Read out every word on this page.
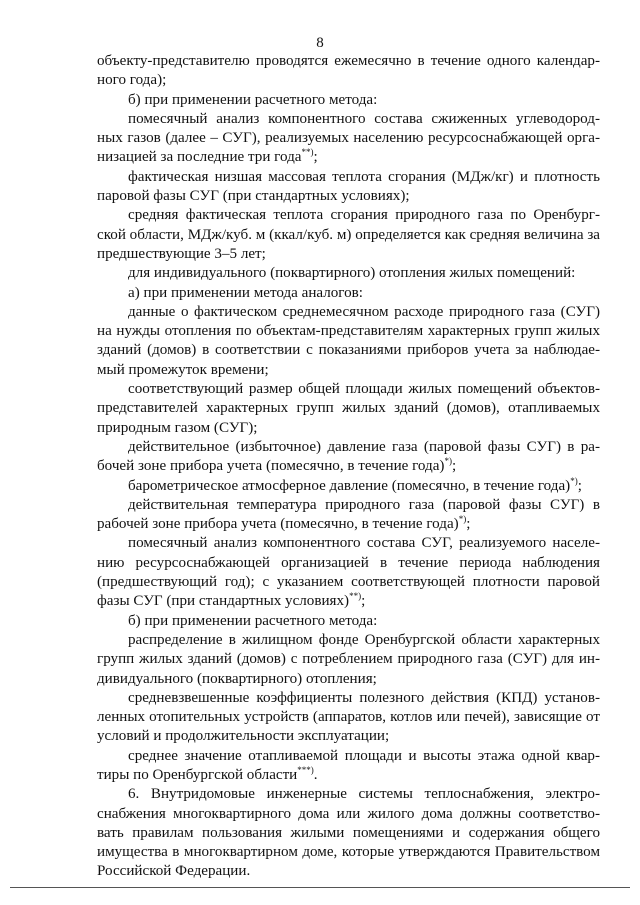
8

объекту-представителю проводятся ежемесячно в течение одного календар-ного года);

б) при применении расчетного метода:

помесячный анализ компонентного состава сжиженных углеводород-ных газов (далее – СУГ), реализуемых населению ресурсоснабжающей орга-низацией за последние три года**);

фактическая низшая массовая теплота сгорания (МДж/кг) и плотность паровой фазы СУГ (при стандартных условиях);

средняя фактическая теплота сгорания природного газа по Оренбург-ской области, МДж/куб. м (ккал/куб. м) определяется как средняя величина за предшествующие 3–5 лет;

для индивидуального (поквартирного) отопления жилых помещений:

а) при применении метода аналогов:

данные о фактическом среднемесячном расходе природного газа (СУГ) на нужды отопления по объектам-представителям характерных групп жилых зданий (домов) в соответствии с показаниями приборов учета за наблюдае-мый промежуток времени;

соответствующий размер общей площади жилых помещений объектов-представителей характерных групп жилых зданий (домов), отапливаемых природным газом (СУГ);

действительное (избыточное) давление газа (паровой фазы СУГ) в ра-бочей зоне прибора учета (помесячно, в течение года)*);

барометрическое атмосферное давление (помесячно, в течение года)*);

действительная температура природного газа (паровой фазы СУГ) в рабочей зоне прибора учета (помесячно, в течение года)*);

помесячный анализ компонентного состава СУГ, реализуемого населе-нию ресурсоснабжающей организацией в течение периода наблюдения (предшествующий год); с указанием соответствующей плотности паровой фазы СУГ (при стандартных условиях)**);

б) при применении расчетного метода:

распределение в жилищном фонде Оренбургской области характерных групп жилых зданий (домов) с потреблением природного газа (СУГ) для ин-дивидуального (поквартирного) отопления;

средневзвешенные коэффициенты полезного действия (КПД) установ-ленных отопительных устройств (аппаратов, котлов или печей), зависящие от условий и продолжительности эксплуатации;

среднее значение отапливаемой площади и высоты этажа одной квар-тиры по Оренбургской области***).

6. Внутридомовые инженерные системы теплоснабжения, электро-снабжения многоквартирного дома или жилого дома должны соответство-вать правилам пользования жилыми помещениями и содержания общего имущества в многоквартирном доме, которые утверждаются Правительством Российской Федерации.
